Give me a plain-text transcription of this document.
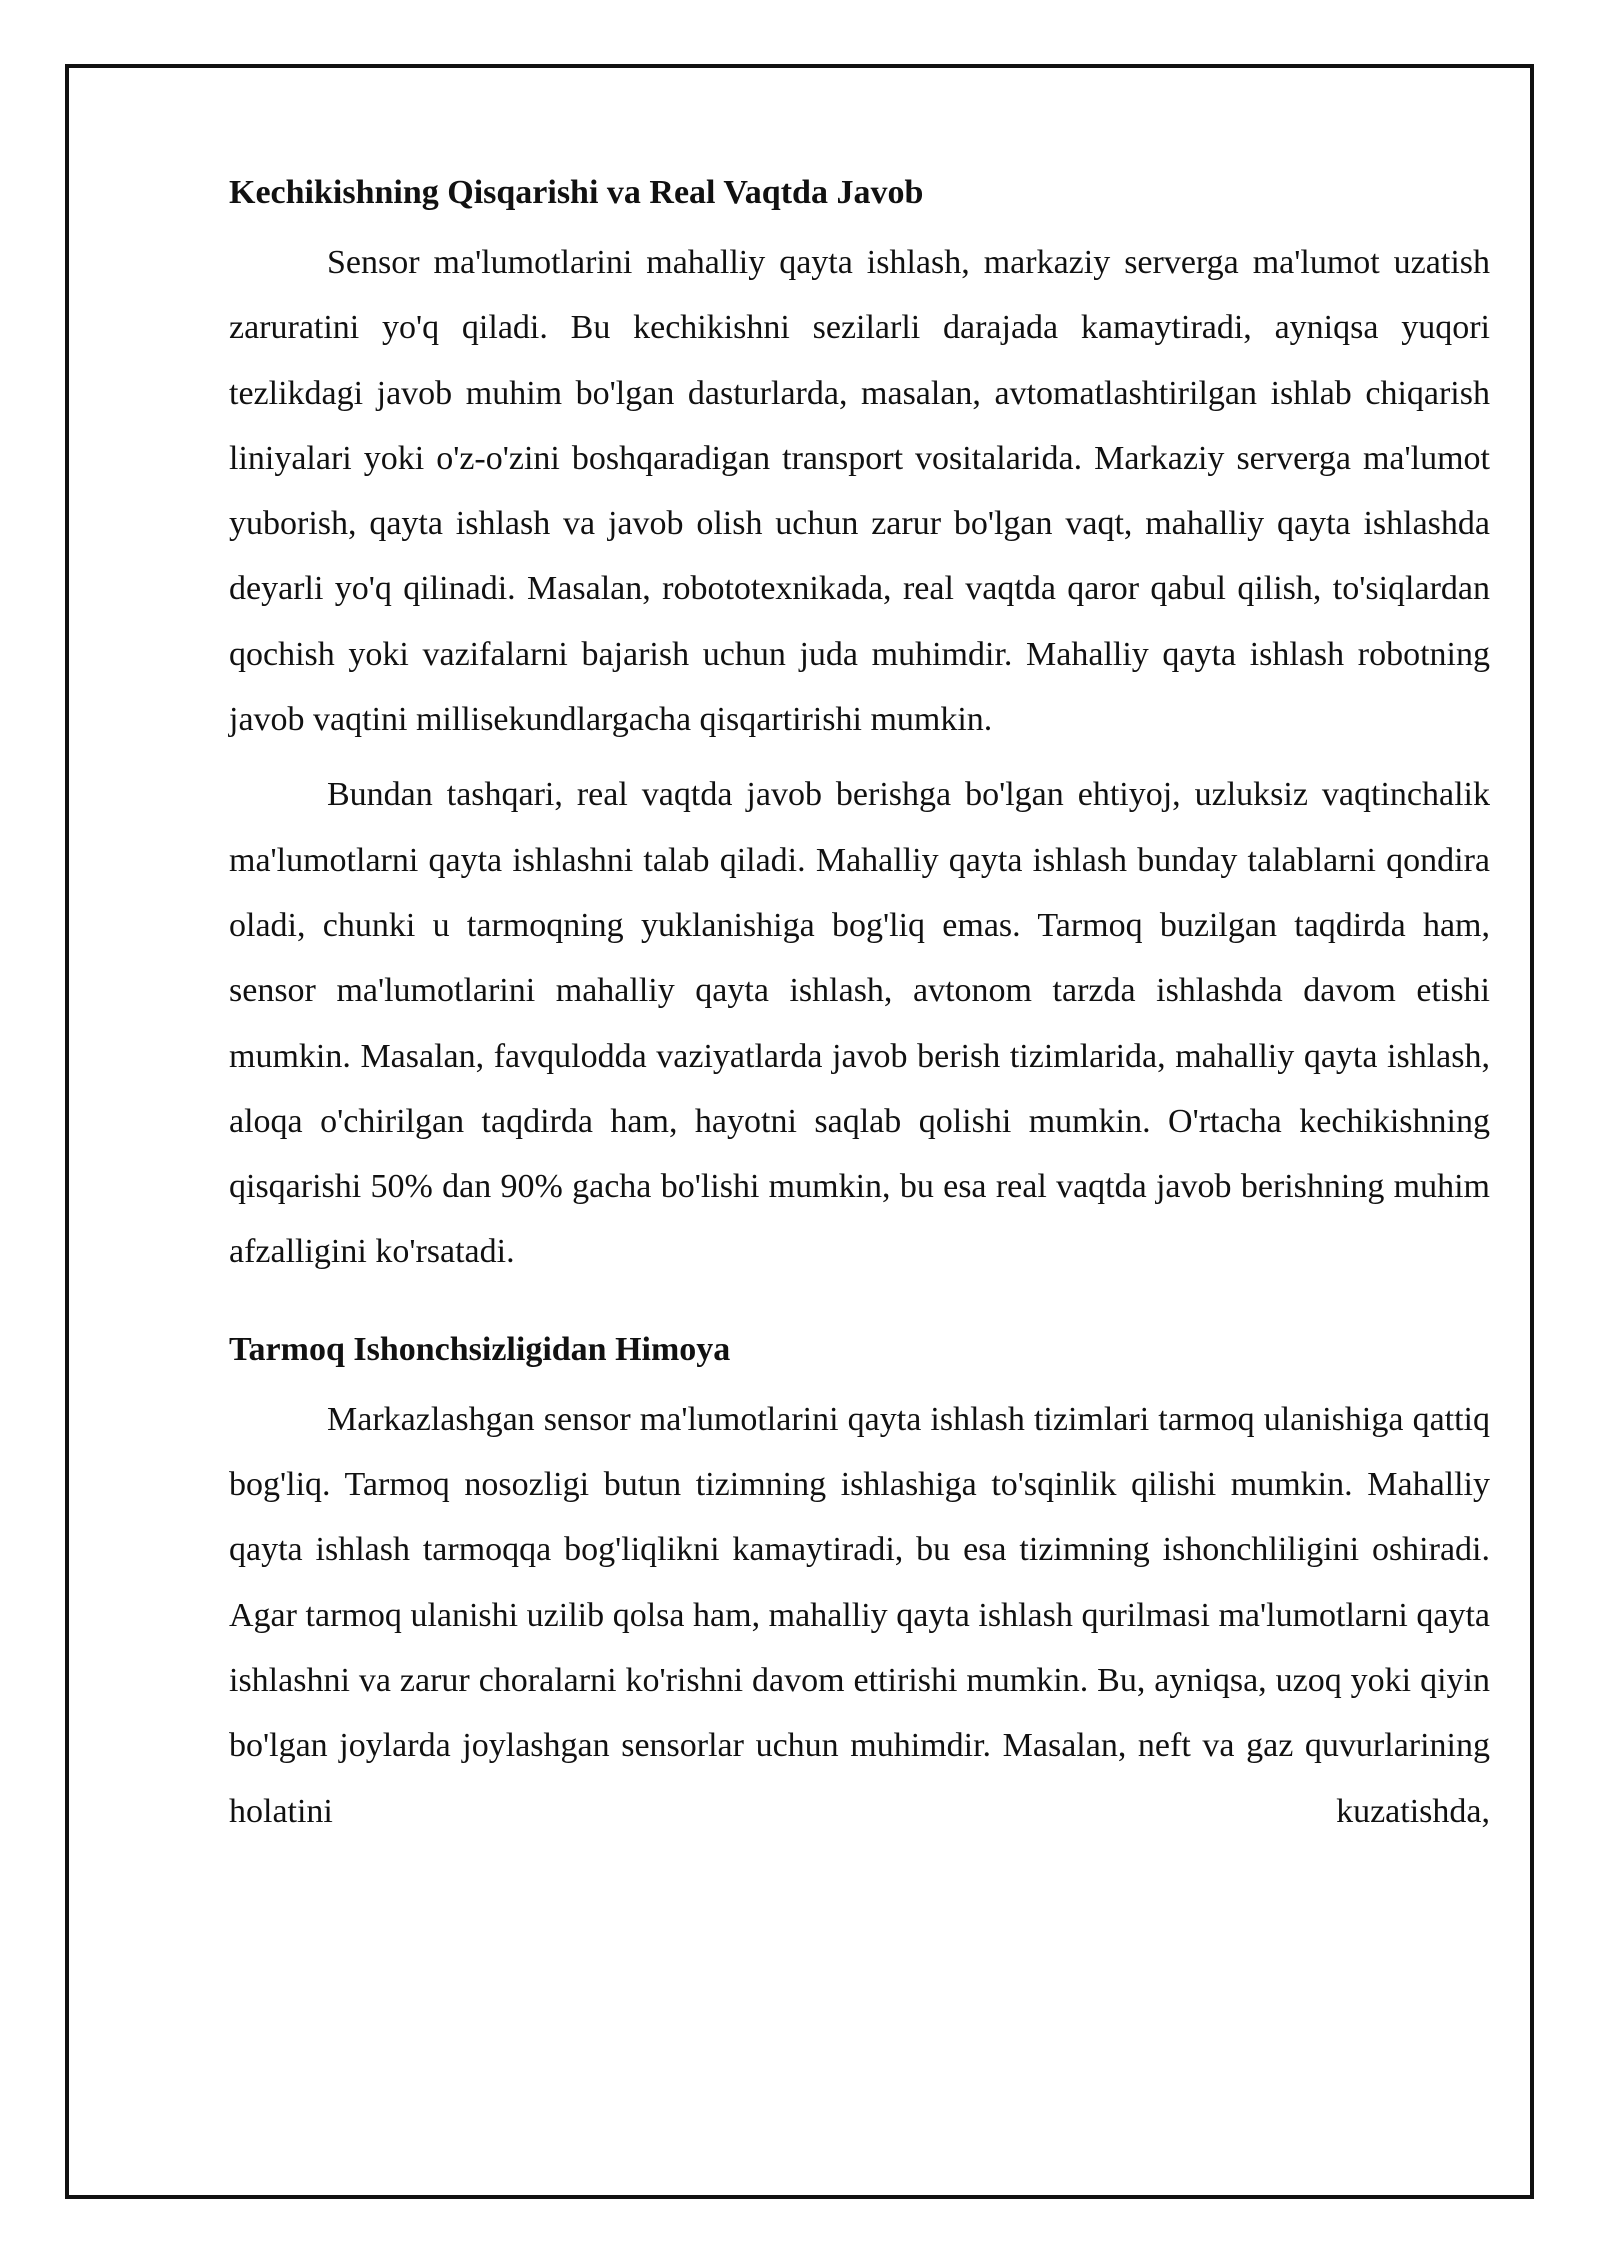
Kechikishning Qisqarishi va Real Vaqtda Javob

Sensor ma'lumotlarini mahalliy qayta ishlash, markaziy serverga ma'lumot uzatish zaruratini yo'q qiladi. Bu kechikishni sezilarli darajada kamaytiradi, ayniqsa yuqori tezlikdagi javob muhim bo'lgan dasturlarda, masalan, avtomatlashtirilgan ishlab chiqarish liniyalari yoki o'z-o'zini boshqaradigan transport vositalarida. Markaziy serverga ma'lumot yuborish, qayta ishlash va javob olish uchun zarur bo'lgan vaqt, mahalliy qayta ishlashda deyarli yo'q qilinadi. Masalan, robototexnikada, real vaqtda qaror qabul qilish, to'siqlardan qochish yoki vazifalarni bajarish uchun juda muhimdir. Mahalliy qayta ishlash robotning javob vaqtini millisekundlargacha qisqartirishi mumkin.

Bundan tashqari, real vaqtda javob berishga bo'lgan ehtiyoj, uzluksiz vaqtinchalik ma'lumotlarni qayta ishlashni talab qiladi. Mahalliy qayta ishlash bunday talablarni qondira oladi, chunki u tarmoqning yuklanishiga bog'liq emas. Tarmoq buzilgan taqdirda ham, sensor ma'lumotlarini mahalliy qayta ishlash, avtonom tarzda ishlashda davom etishi mumkin. Masalan, favqulodda vaziyatlarda javob berish tizimlarida, mahalliy qayta ishlash, aloqa o'chirilgan taqdirda ham, hayotni saqlab qolishi mumkin. O'rtacha kechikishning qisqarishi 50% dan 90% gacha bo'lishi mumkin, bu esa real vaqtda javob berishning muhim afzalligini ko'rsatadi.

Tarmoq Ishonchsizligidan Himoya

Markazlashgan sensor ma'lumotlarini qayta ishlash tizimlari tarmoq ulanishiga qattiq bog'liq. Tarmoq nosozligi butun tizimning ishlashiga to'sqinlik qilishi mumkin. Mahalliy qayta ishlash tarmoqqa bog'liqlikni kamaytiradi, bu esa tizimning ishonchliligini oshiradi. Agar tarmoq ulanishi uzilib qolsa ham, mahalliy qayta ishlash qurilmasi ma'lumotlarni qayta ishlashni va zarur choralarni ko'rishni davom ettirishi mumkin. Bu, ayniqsa, uzoq yoki qiyin bo'lgan joylarda joylashgan sensorlar uchun muhimdir. Masalan, neft va gaz quvurlarining holatini kuzatishda,
